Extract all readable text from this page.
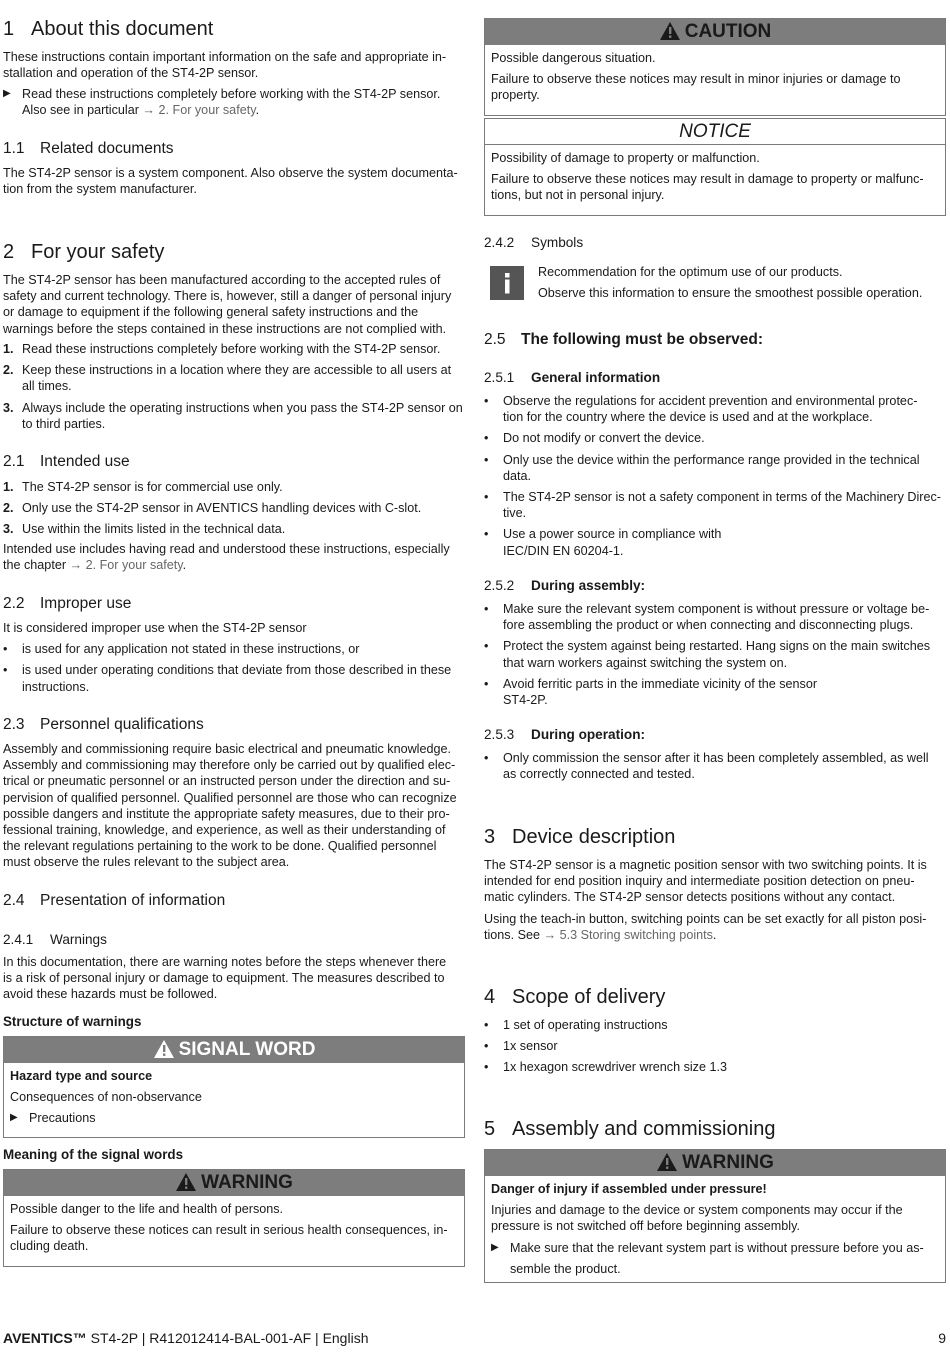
1 About this document

These instructions contain important information on the safe and appropriate in-

stallation and operation of the ST4-2P sensor.

▶ Read these instructions completely before working with the ST4-2P sensor.

Also see in particular → 2. For your safety.

1.1 Related documents

The ST4-2P sensor is a system component. Also observe the system documenta-

tion from the system manufacturer.

2 For your safety

The ST4-2P sensor has been manufactured according to the accepted rules of

safety and current technology. There is, however, still a danger of personal injury

or damage to equipment if the following general safety instructions and the

warnings before the steps contained in these instructions are not complied with.

1. Read these instructions completely before working with the ST4-2P sensor.

2. Keep these instructions in a location where they are accessible to all users at

all times.

3. Always include the operating instructions when you pass the ST4-2P sensor on

to third parties.

2.1 Intended use
1. The ST4-2P sensor is for commercial use only.

2. Only use the ST4-2P sensor in AVENTICS handling devices with C-slot.

3. Use within the limits listed in the technical data.

Intended use includes having read and understood these instructions, especially

the chapter → 2. For your safety.

2.2 Improper use

It is considered improper use when the ST4-2P sensor

• is used for any application not stated in these instructions, or

• is used under operating conditions that deviate from those described in these

instructions.

2.3 Personnel qualifications

Assembly and commissioning require basic electrical and pneumatic knowledge.

Assembly and commissioning may therefore only be carried out by qualified elec-

trical or pneumatic personnel or an instructed person under the direction and su-

pervision of qualified personnel. Qualified personnel are those who can recognize

possible dangers and institute the appropriate safety measures, due to their pro-

fessional training, knowledge, and experience, as well as their understanding of

the relevant regulations pertaining to the work to be done. Qualified personnel

must observe the rules relevant to the subject area.

2.4 Presentation of information
2.4.1 Warnings

In this documentation, there are warning notes before the steps whenever there

is a risk of personal injury or damage to equipment. The measures described to

avoid these hazards must be followed.

Structure of warnings
SIGNAL WORD

Hazard type and source

Consequences of non-observance

▶ Precautions

Meaning of the signal words
WARNING

Possible danger to the life and health of persons.

Failure to observe these notices can result in serious health consequences, in-
cluding death.

CAUTION

Possible dangerous situation.

Failure to observe these notices may result in minor injuries or damage to
property.

NOTICE

Possibility of damage to property or malfunction.

Failure to observe these notices may result in damage to property or malfunc-
tions, but not in personal injury.

2.4.2 Symbols

Recommendation for the optimum use of our products.

Observe this information to ensure the smoothest possible operation.

2.5 The following must be observed:
2.5.1 General information
• Observe the regulations for accident prevention and environmental protec-

tion for the country where the device is used and at the workplace.

• Do not modify or convert the device.

• Only use the device within the performance range provided in the technical

data.

• The ST4-2P sensor is not a safety component in terms of the Machinery Direc-

tive.

• Use a power source in compliance with

IEC/DIN EN 60204-1.

2.5.2 During assembly:
• Make sure the relevant system component is without pressure or voltage be-

fore assembling the product or when connecting and disconnecting plugs.

• Protect the system against being restarted. Hang signs on the main switches

that warn workers against switching the system on.

• Avoid ferritic parts in the immediate vicinity of the sensor

ST4-2P.

2.5.3 During operation:
• Only commission the sensor after it has been completely assembled, as well

as correctly connected and tested.

3 Device description

The ST4-2P sensor is a magnetic position sensor with two switching points. It is

intended for end position inquiry and intermediate position detection on pneu-

matic cylinders. The ST4-2P sensor detects positions without any contact.

Using the teach-in button, switching points can be set exactly for all piston posi-

tions. See → 5.3 Storing switching points.

4 Scope of delivery
• 1 set of operating instructions

• 1x sensor

• 1x hexagon screwdriver wrench size 1.3

5 Assembly and commissioning
WARNING

Danger of injury if assembled under pressure!

Injuries and damage to the device or system components may occur if the
pressure is not switched off before beginning assembly.

▶ Make sure that the relevant system part is without pressure before you as-

semble the product.

AVENTICS™ ST4-2P | R412012414-BAL-001-AF | English	9
